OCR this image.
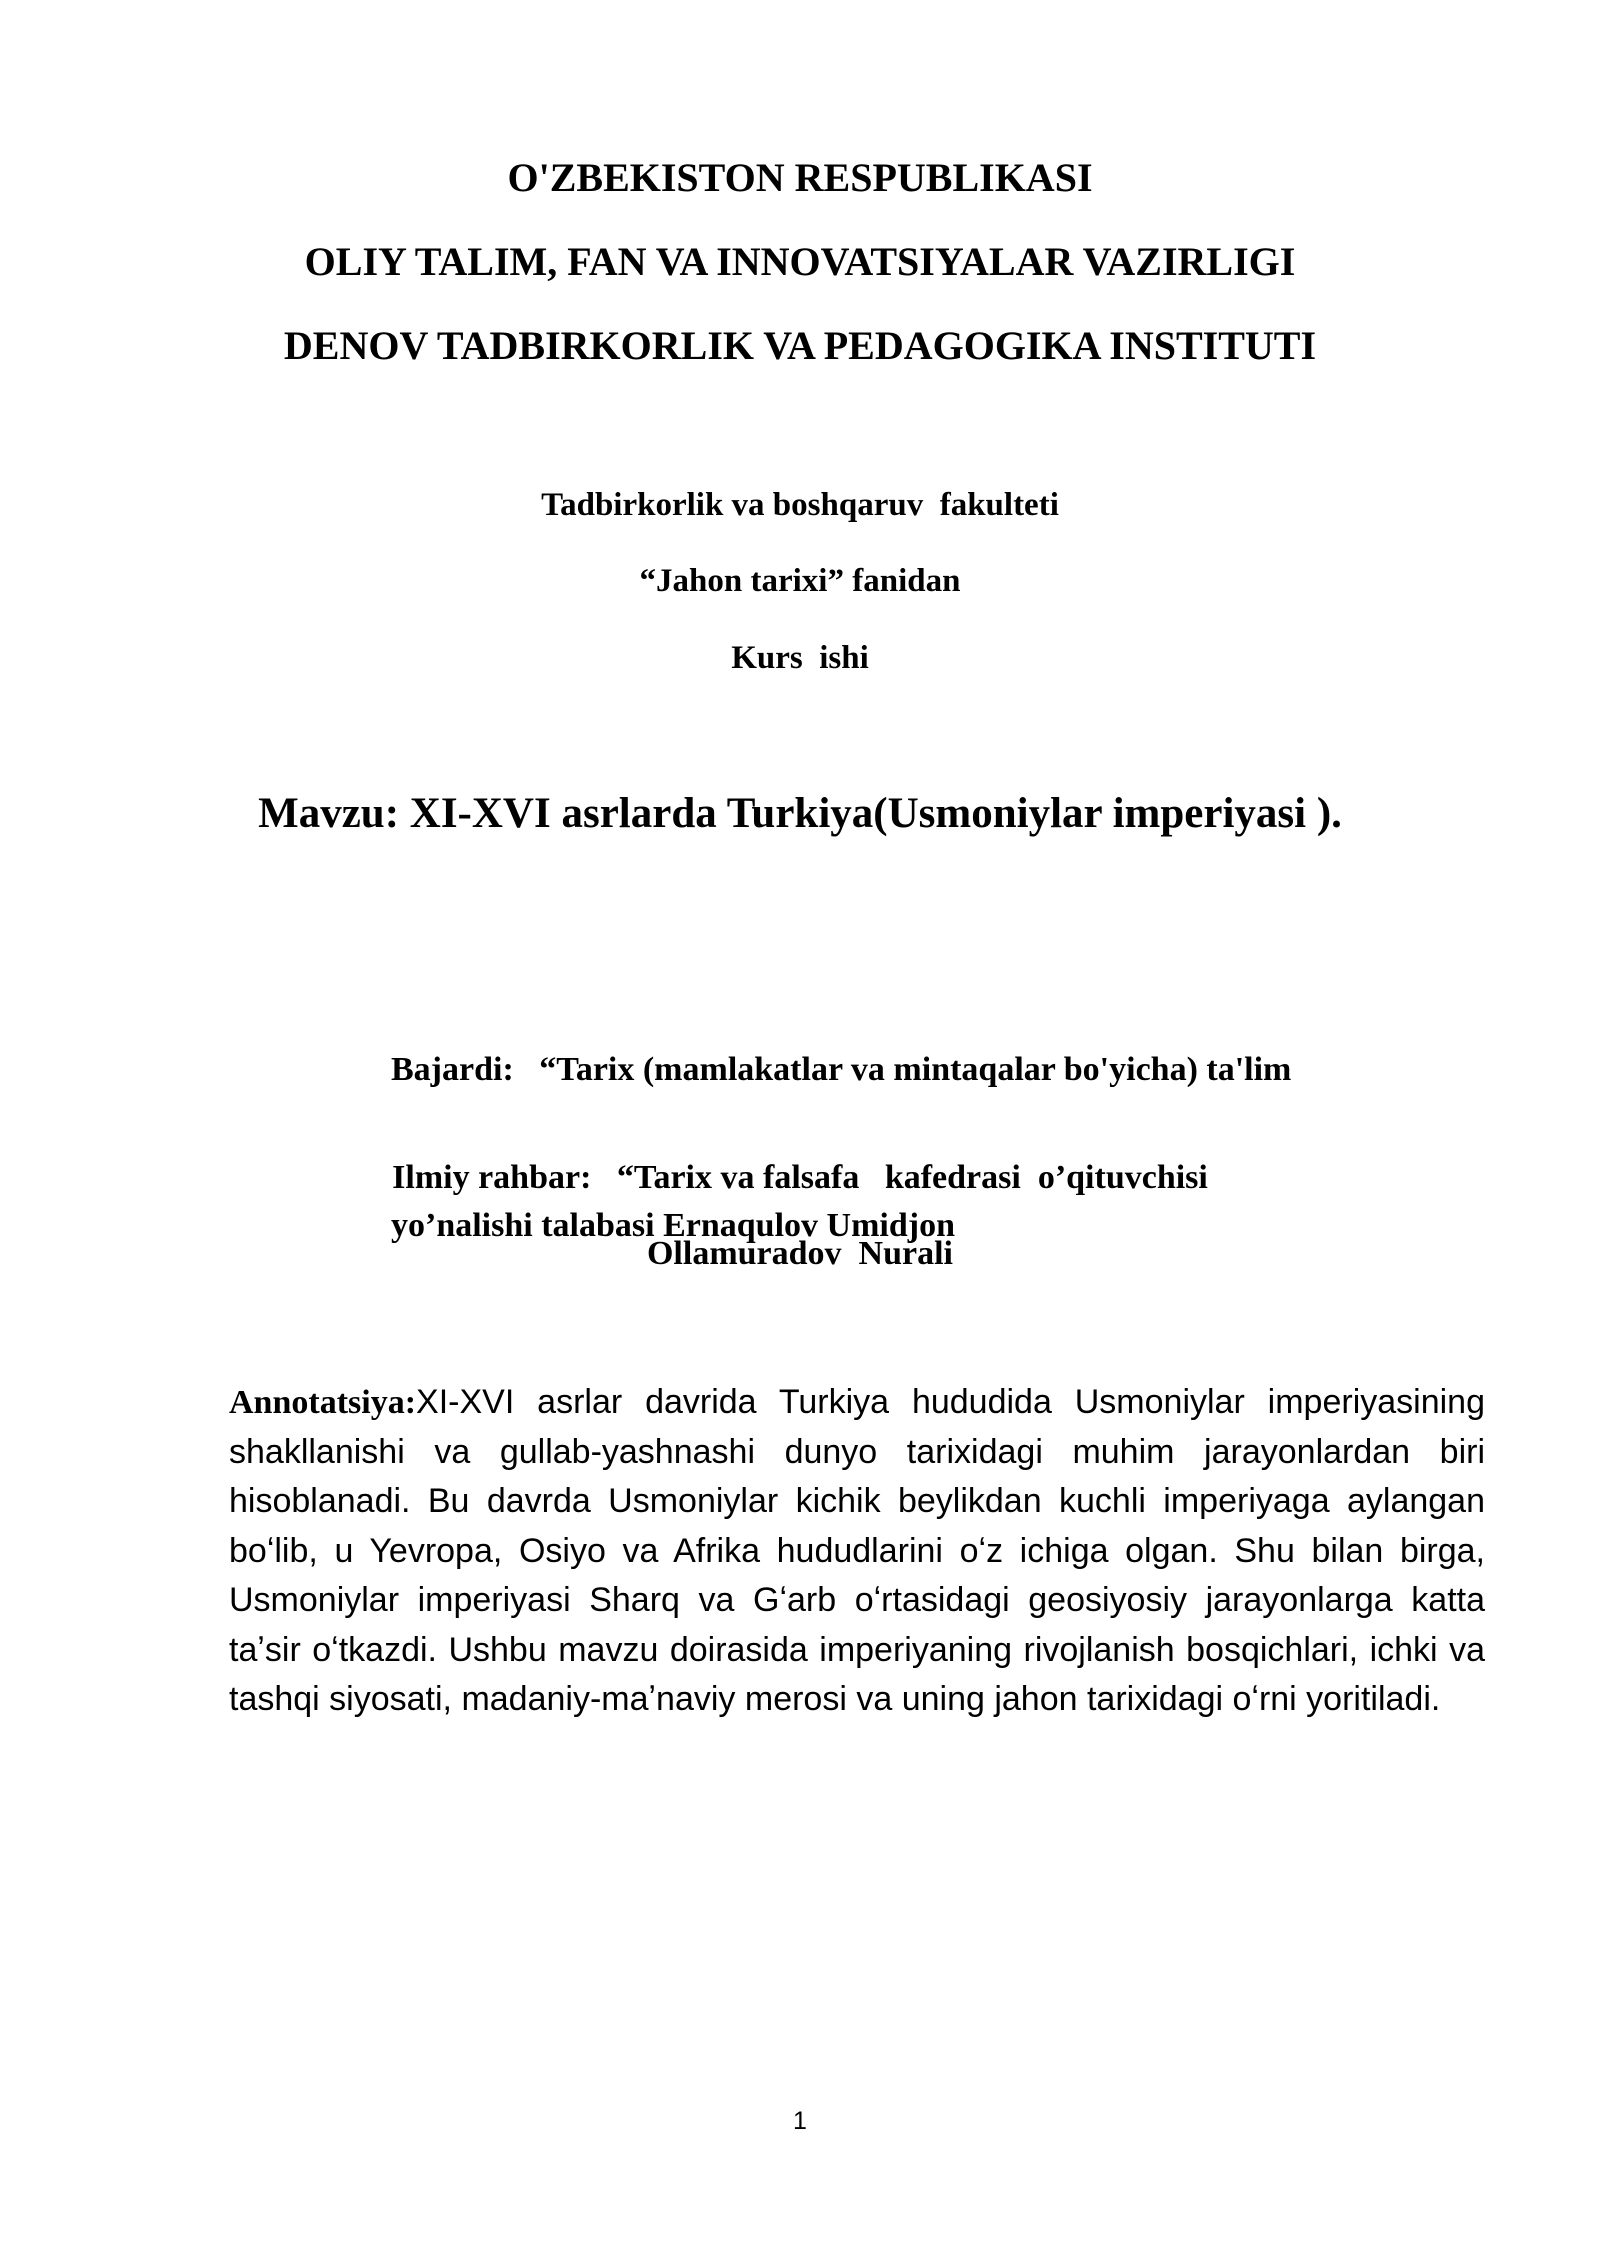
O'ZBEKISTON RESPUBLIKASI
OLIY TALIM, FAN VA INNOVATSIYALAR VAZIRLIGI
DENOV TADBIRKORLIK VA PEDAGOGIKA INSTITUTI
Tadbirkorlik va boshqaruv  fakulteti
“Jahon tarixi” fanidan
Kurs  ishi
Mavzu: XI-XVI asrlarda Turkiya(Usmoniylar imperiyasi ).

Bajardi:   “Tarix (mamlakatlar va mintaqalar bo'yicha) ta'lim

yo’nalishi talabasi Ernaqulov Umidjon

Ilmiy rahbar:   “Tarix va falsafa   kafedrasi  o’qituvchisi
Ollamuradov  Nurali
Annotatsiya:XI-XVI asrlar davrida Turkiya hududida Usmoniylar imperiyasining shakllanishi va gullab-yashnashi dunyo tarixidagi muhim jarayonlardan biri hisoblanadi. Bu davrda Usmoniylar kichik beylikdan kuchli imperiyaga aylangan boʻlib, u Yevropa, Osiyo va Afrika hududlarini oʻz ichiga olgan. Shu bilan birga, Usmoniylar imperiyasi Sharq va Gʻarb oʻrtasidagi geosiyosiy jarayonlarga katta taʼsir oʻtkazdi. Ushbu mavzu doirasida imperiyaning rivojlanish bosqichlari, ichki va tashqi siyosati, madaniy-maʼnaviy merosi va uning jahon tarixidagi oʻrni yoritiladi.
1
